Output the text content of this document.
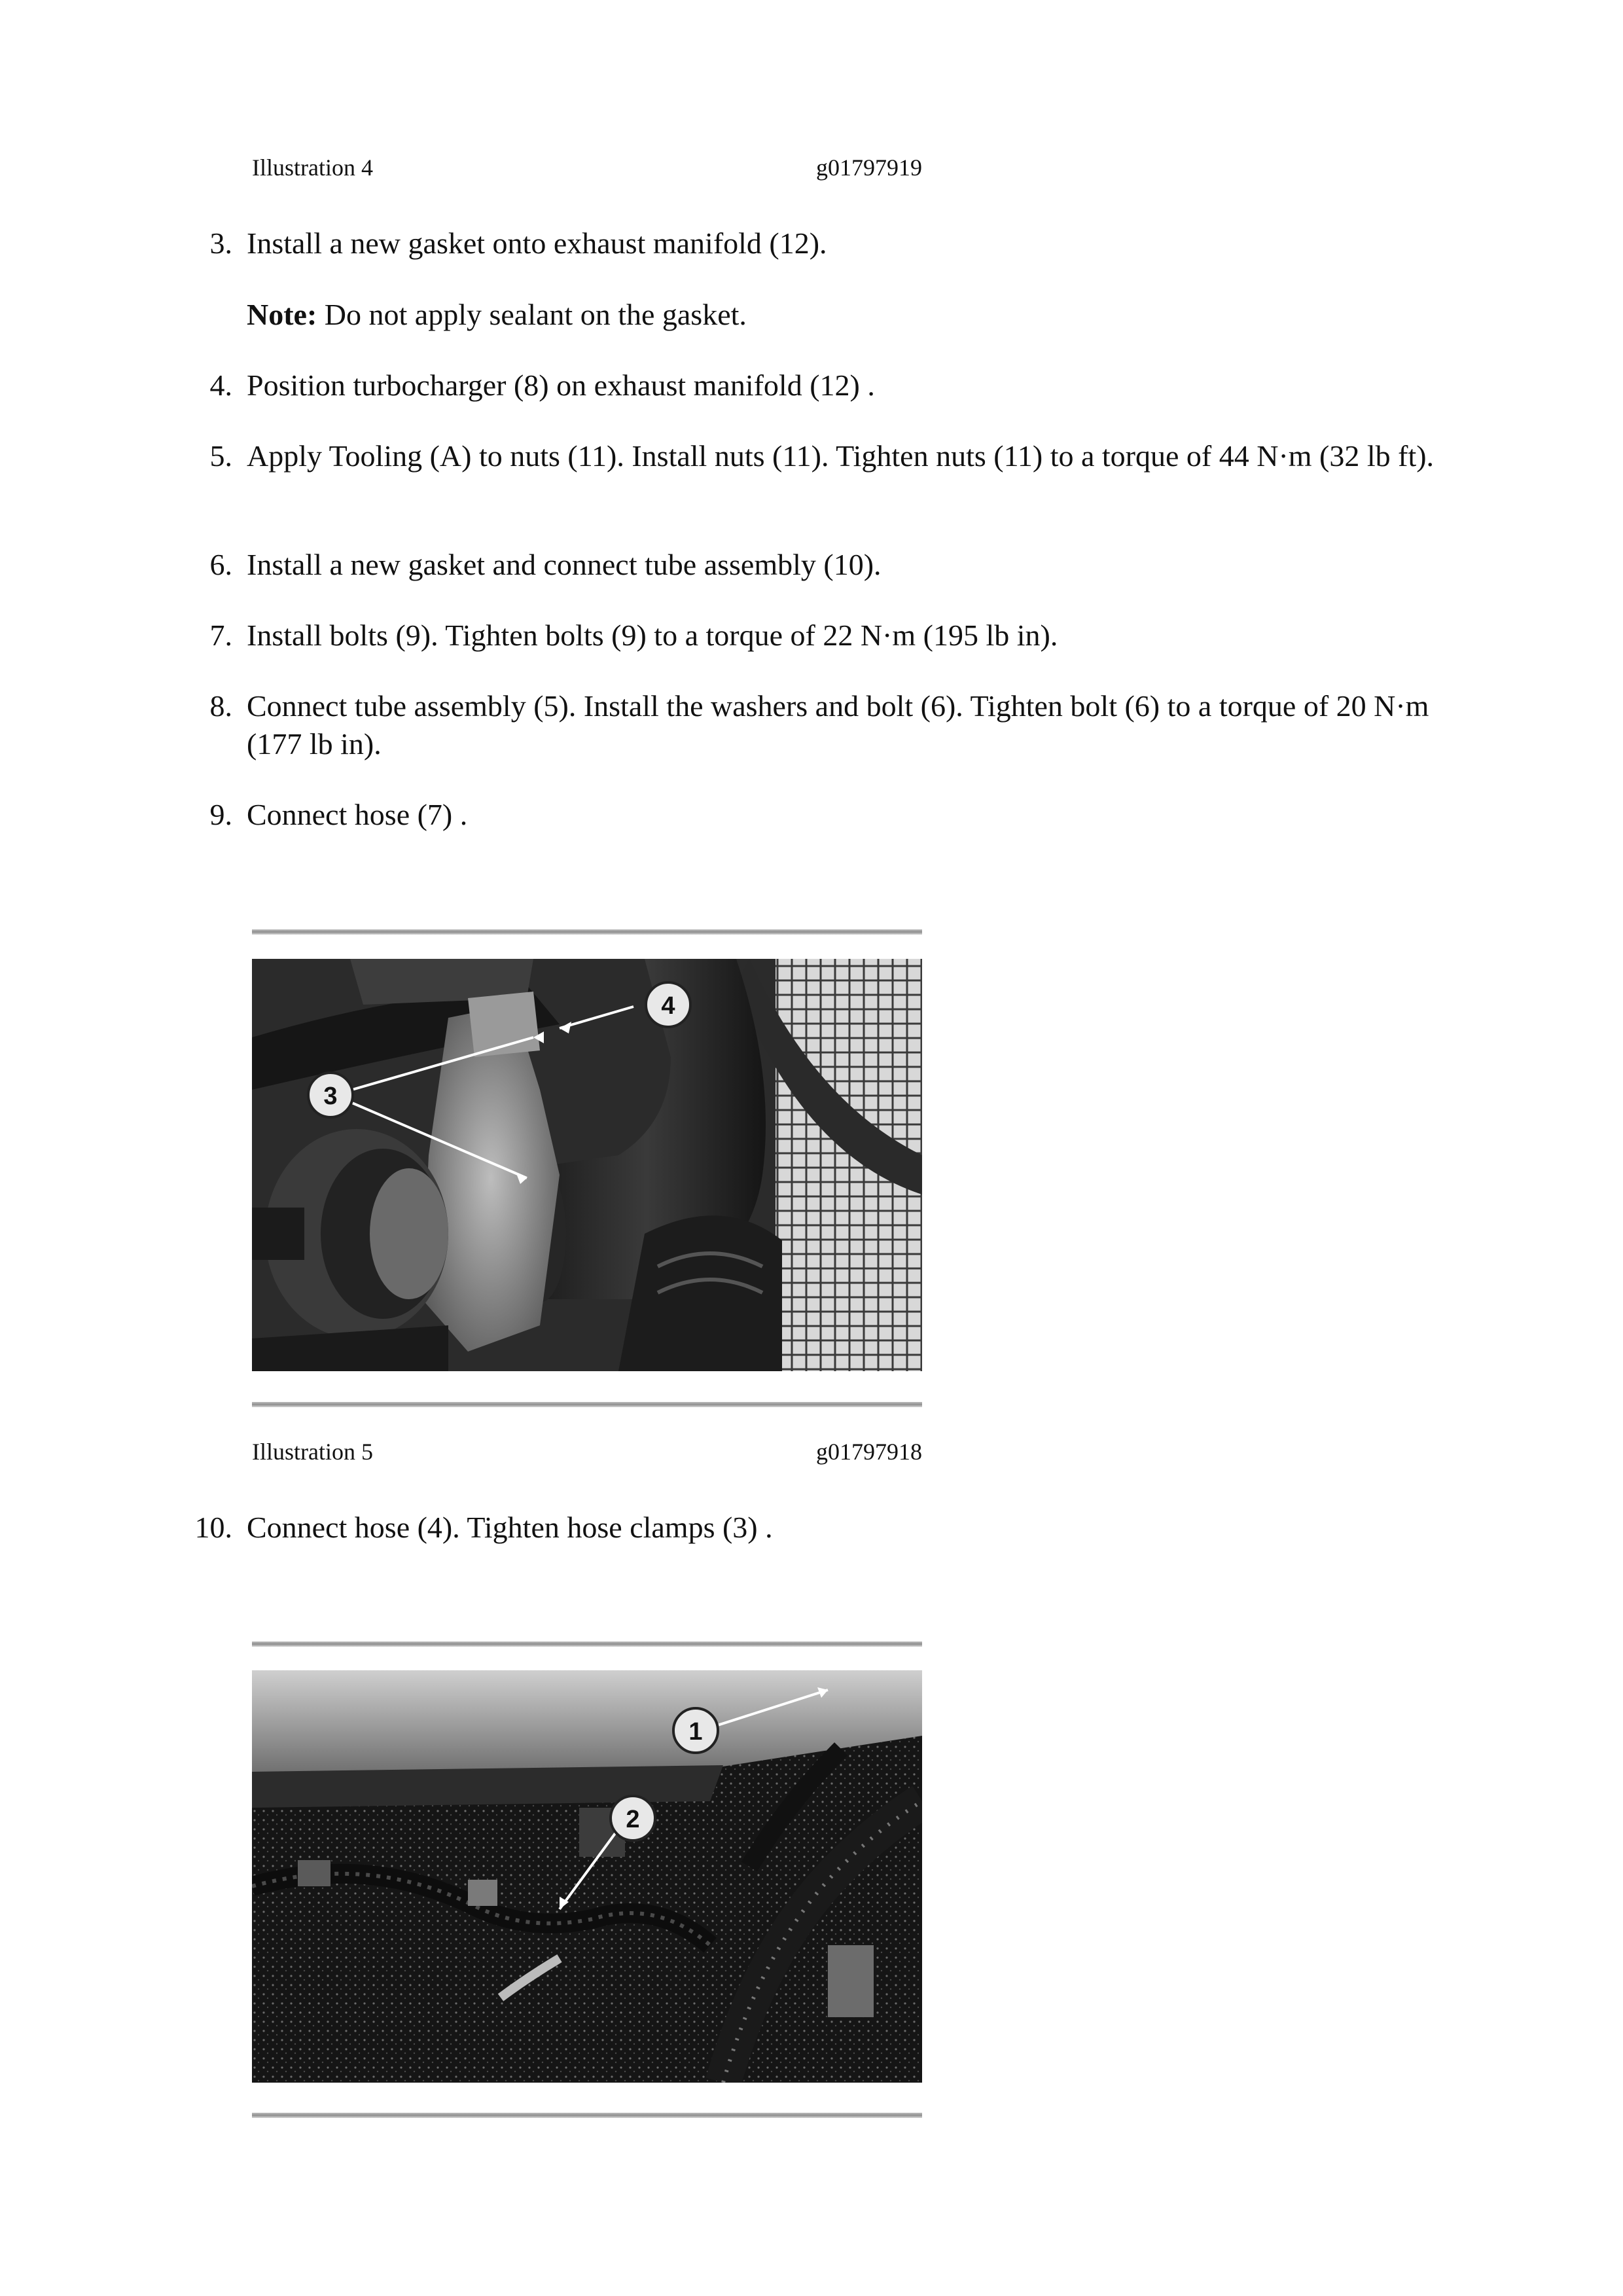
Illustration 4	g01797919
3. Install a new gasket onto exhaust manifold (12).
Note: Do not apply sealant on the gasket.
4. Position turbocharger (8) on exhaust manifold (12) .
5. Apply Tooling (A) to nuts (11). Install nuts (11). Tighten nuts (11) to a torque of 44 N·m (32 lb ft).
6. Install a new gasket and connect tube assembly (10).
7. Install bolts (9). Tighten bolts (9) to a torque of 22 N·m (195 lb in).
8. Connect tube assembly (5). Install the washers and bolt (6). Tighten bolt (6) to a torque of 20 N·m (177 lb in).
9. Connect hose (7) .
4
3
Illustration 5	g01797918
10. Connect hose (4). Tighten hose clamps (3) .
1
2
